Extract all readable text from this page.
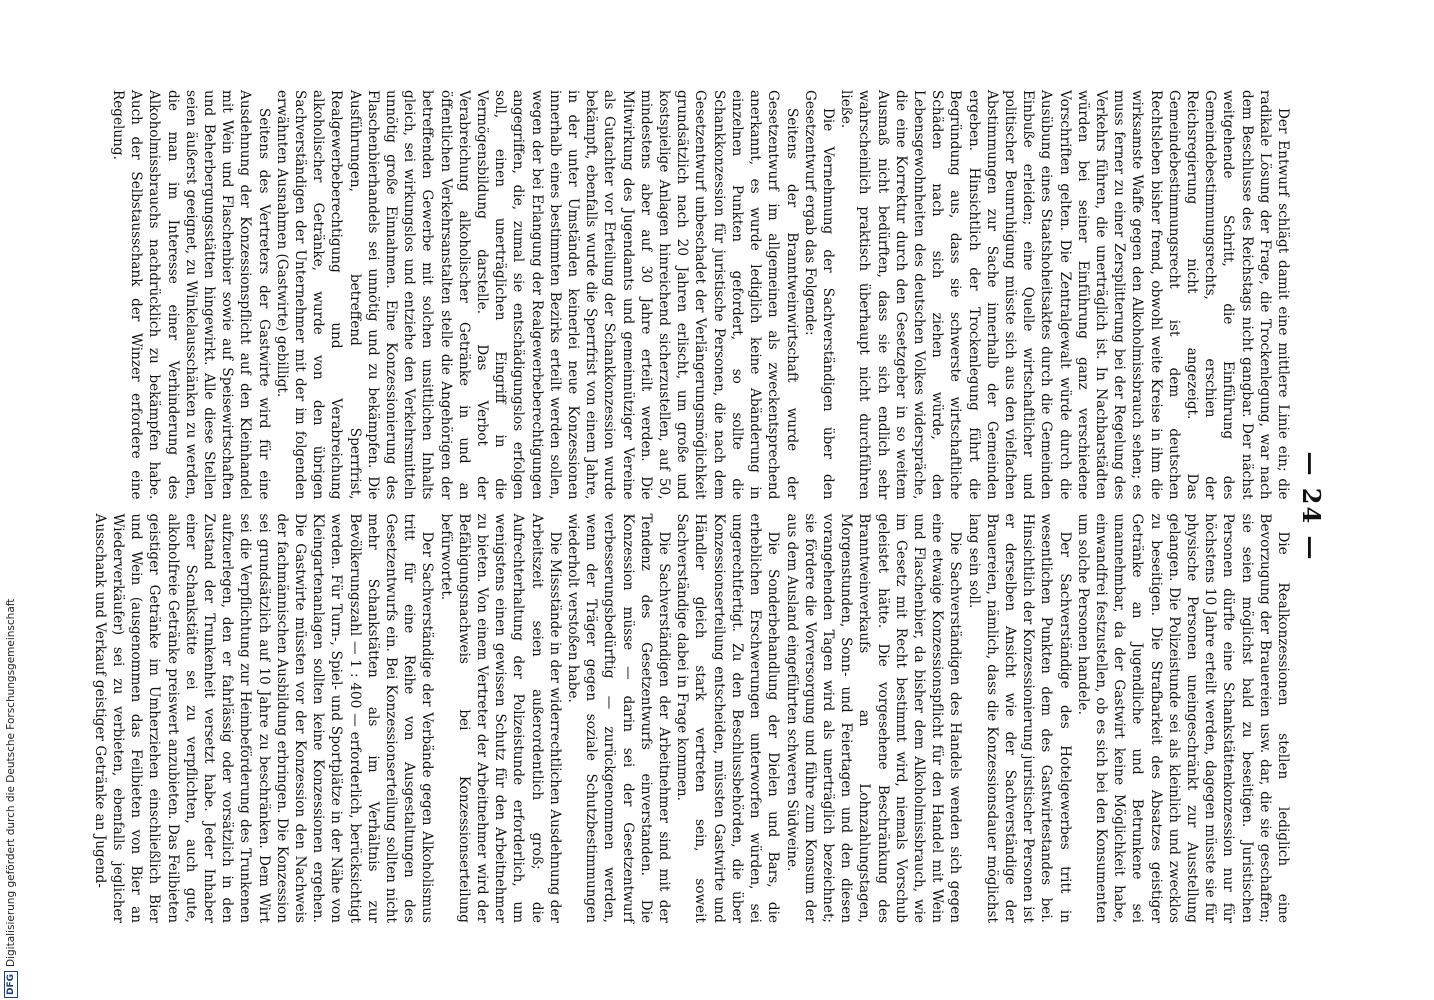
— 24 —

Der Entwurf schlägt damit eine mittlere Linie ein; die radikale Lösung der Frage, die Trockenlegung, war nach dem Beschlusse des Reichstags nicht gangbar. Der nächst weitgehende Schritt, die Einführung des Gemeindebestimmungsrechts, erschien der Reichsregierung nicht angezeigt. Das Gemeindebestimmungsrecht ist dem deutschen Rechtsleben bisher fremd, obwohl weite Kreise in ihm die wirksamste Waffe gegen den Alkoholmissbrauch sehen; es muss ferner zu einer Zersplitterung bei der Regelung des Verkehrs führen, die unerträglich ist. In Nachbarstädten würden bei seiner Einführung ganz verschiedene Vorschriften gelten. Die Zentralgewalt würde durch die Ausübung eines Staatshoheitsaktes durch die Gemeinden Einbuße erleiden; eine Quelle wirtschaftlicher und politischer Beunruhigung müsste sich aus den vielfachen Abstimmungen zur Sache innerhalb der Gemeinden ergeben. Hinsichtlich der Trockenlegung führt die Begründung aus, dass sie schwerste wirtschaftliche Schäden nach sich ziehen würde, den Lebensgewohnheiten des deutschen Volkes widerspräche, die eine Korrektur durch den Gesetzgeber in so weitem Ausmaß nicht bedürften, dass sie sich endlich sehr wahrscheinlich praktisch überhaupt nicht durchführen ließe.

Die Vernehmung der Sachverständigen über den Gesetzentwurf ergab das Folgende:

Seitens der Branntweinwirtschaft wurde der Gesetzentwurf im allgemeinen als zweckentsprechend anerkannt, es wurde lediglich keine Abänderung in einzelnen Punkten gefordert, so sollte die Schankkonzession für juristische Personen, die nach dem Gesetzentwurf unbeschadet der Verlängerungsmöglichkeit grundsätzlich nach 20 Jahren erlischt, um große und kostspielige Anlagen hinreichend sicherzustellen, auf 50, mindestens aber auf 30 Jahre erteilt werden. Die Mitwirkung des Jugendamts und gemeinnütziger Vereine als Gutachter vor Erteilung der Schankkonzession wurde bekämpft, ebenfalls wurde die Sperrfrist von einem Jahre, in der unter Umständen keinerlei neue Konzessionen innerhalb eines bestimmten Bezirks erteilt werden sollen, wegen der bei Erlangung der Realgewerbeberechtigungen angegriffen, die, zumal sie entschädigungslos erfolgen soll, einen unerträglichen Eingriff in die Vermögensbildung darstelle. Das Verbot der Verabreichung alkoholischer Getränke in und an öffentlichen Verkehrsanstalten stelle die Angehörigen der betreffenden Gewerbe mit solchen unsittlichen Inhalts gleich, sei wirkungslos und entziehe den Verkehrsmitteln unnötig große Einnahmen. Eine Konzessionierung des Flaschenbierhandels sei unnötig und zu bekämpfen. Die Ausführungen, betreffend Sperrfrist, Realgewerbeberechtigung und Verabreichung alkoholischer Getränke, wurde von den übrigen Sachverständigen der Unternehmer mit der im folgenden erwähnten Ausnahmen (Gastwirte) gebilligt.

Seitens des Vertreters der Gastwirte wird für eine Ausdehnung der Konzessionspflicht auf den Kleinhandel mit Wein und Flaschenbier sowie auf Speisewirtschaften und Beherbergungsstätten hingewirkt. Alle diese Stellen seien äußerst geeignet, zu Winkelausschänken zu werden, die man im Interesse einer Verhinderung des Alkoholmissbrauchs nachdrücklich zu bekämpfen habe. Auch der Selbstausschank der Winzer erfordere eine Regelung.

Die Realkonzessionen stellen lediglich eine Bevorzugung der Brauereien usw. dar, die sie geschaffen; sie seien möglichst bald zu beseitigen. Juristischen Personen dürfte eine Schankstättenkonzession nur für höchstens 10 Jahre erteilt werden, dagegen müsste sie für physische Personen uneingeschränkt zur Ausstellung gelangen. Die Polizeistunde sei als kleinlich und zwecklos zu beseitigen. Die Strafbarkeit des Absatzes geistiger Getränke an Jugendliche und Betrunkene sei unannehmbar, da der Gastwirt keine Möglichkeit habe, einwandfrei festzustellen, ob es sich bei den Konsumenten um solche Personen handele.

Der Sachverständige des Hotelgewerbes tritt in wesentlichen Punkten dem des Gastwirtestandes bei. Hinsichtlich der Konzessionierung juristischer Personen ist er derselben Ansicht wie der Sachverständige der Brauereien, nämlich, dass die Konzessionsdauer möglichst lang sein soll.

Die Sachverständigen des Handels wenden sich gegen eine etwaige Konzessionspflicht für den Handel mit Wein und Flaschenbier, da bisher dem Alkoholmissbrauch, wie im Gesetz mit Recht bestimmt wird, niemals Vorschub geleistet hätte. Die vorgesehene Beschränkung des Branntweinverkaufs an Lohnzahlungstagen, Morgenstunden, Sonn- und Feiertagen und den diesen vorangehenden Tagen wird als unerträglich bezeichnet; sie fördere die Vorversorgung und führe zum Konsum der aus dem Ausland eingeführten schweren Südweine.

Die Sonderbehandlung der Dielen und Bars, die erheblichen Erschwerungen unterworfen würden, sei ungerechtfertigt. Zu den Beschlussbehörden, die über Konzessionserteilung entscheiden, müssten Gastwirte und Händler gleich stark vertreten sein, soweit Sachverständige dabei in Frage kommen.

Die Sachverständigen der Arbeitnehmer sind mit der Tendenz des Gesetzentwurfs einverstanden. Die Konzession müsse — darin sei der Gesetzentwurf verbesserungsbedürftig — zurückgenommen werden, wenn der Träger gegen soziale Schutzbestimmungen wiederholt verstoßen habe.

Die Missstände in der widerrechtlichen Ausdehnung der Arbeitszeit seien außerordentlich groß; die Aufrechterhaltung der Polizeistunde erforderlich, um wenigstens einen gewissen Schutz für den Arbeitnehmer zu bieten. Von einem Vertreter der Arbeitnehmer wird der Befähigungsnachweis bei Konzessionserteilung befürwortet.

Der Sachverständige der Verbände gegen Alkoholismus tritt für eine Reihe von Ausgestaltungen des Gesetzentwurfs ein. Bei Konzessionserteilung sollten nicht mehr Schankstätten als im Verhältnis zur Bevölkerungszahl — 1 : 400 — erforderlich, berücksichtigt werden. Für Turn-, Spiel- und Sportplätze in der Nähe von Kleingartenanlagen sollten keine Konzessionen ergehen. Die Gastwirte müssten vor der Konzession den Nachweis der fachmännischen Ausbildung erbringen. Die Konzession sei grundsätzlich auf 10 Jahre zu beschränken. Dem Wirt sei die Verpflichtung zur Heimbeförderung des Trunkenen aufzuerlegen, den er fahrlässig oder vorsätzlich in den Zustand der Trunkenheit versetzt habe. Jeder Inhaber einer Schankstätte sei zu verpflichten, auch gute, alkoholfreie Getränke preiswert anzubieten. Das Feilbieten geistiger Getränke im Umherziehen einschließlich Bier und Wein (ausgenommen das Feilbieten von Bier an Wiederverkäufer) sei zu verbieten, ebenfalls jeglicher Ausschank und Verkauf geistiger Getränke an Jugend-

DFG
Digitalisierung gefördert durch die Deutsche Forschungsgemeinschaft
